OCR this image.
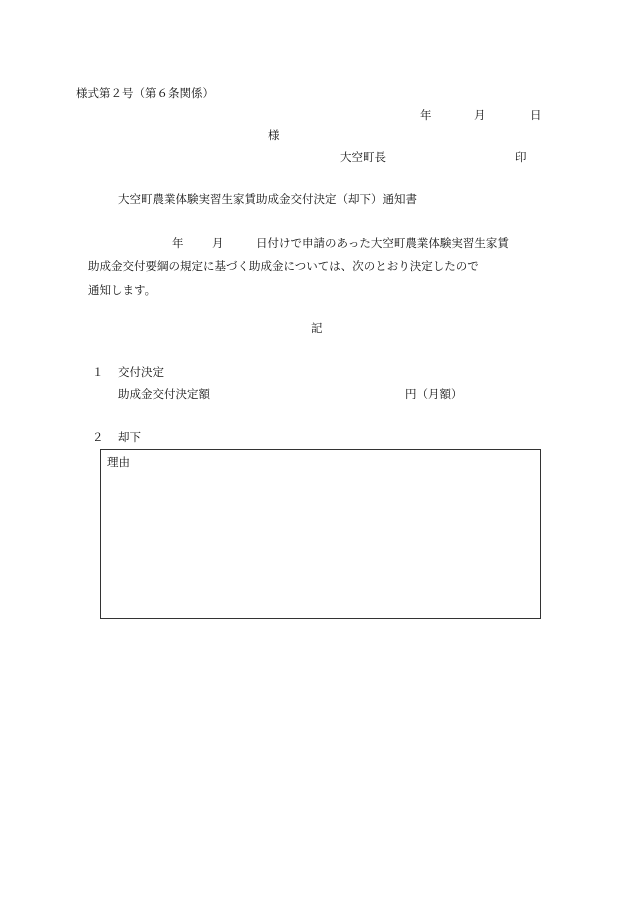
様式第２号（第６条関係）
年	月	日
様
大空町長	印
大空町農業体験実習生家賃助成金交付決定（却下）通知書
年 月	日付けで申請のあった大空町農業体験実習生家賃
助成金交付要綱の規定に基づく助成金については、次のとおり決定したので
通知します。
記
１ 交付決定
助成金交付決定額	円（月額）
２ 却下
理由
